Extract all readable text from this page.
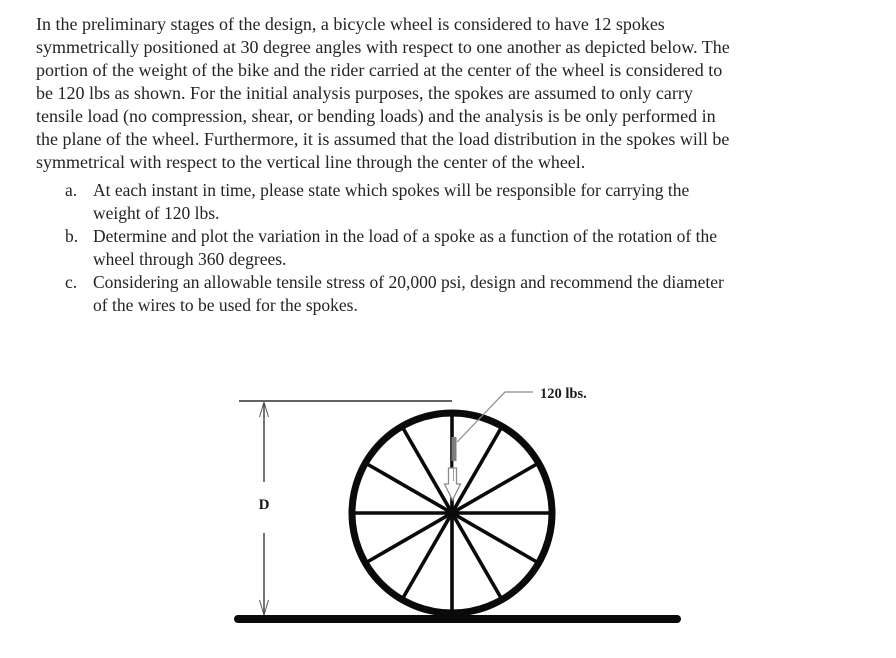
In the preliminary stages of the design, a bicycle wheel is considered to have 12 spokes
symmetrically positioned at 30 degree angles with respect to one another as depicted below. The
portion of the weight of the bike and the rider carried at the center of the wheel is considered to
be 120 lbs as shown. For the initial analysis purposes, the spokes are assumed to only carry
tensile load (no compression, shear, or bending loads) and the analysis is be only performed in
the plane of the wheel. Furthermore, it is assumed that the load distribution in the spokes will be
symmetrical with respect to the vertical line through the center of the wheel.
a. At each instant in time, please state which spokes will be responsible for carrying the
weight of 120 lbs.
b. Determine and plot the variation in the load of a spoke as a function of the rotation of the
wheel through 360 degrees.
c. Considering an allowable tensile stress of 20,000 psi, design and recommend the diameter
of the wires to be used for the spokes.
D
120 lbs.
